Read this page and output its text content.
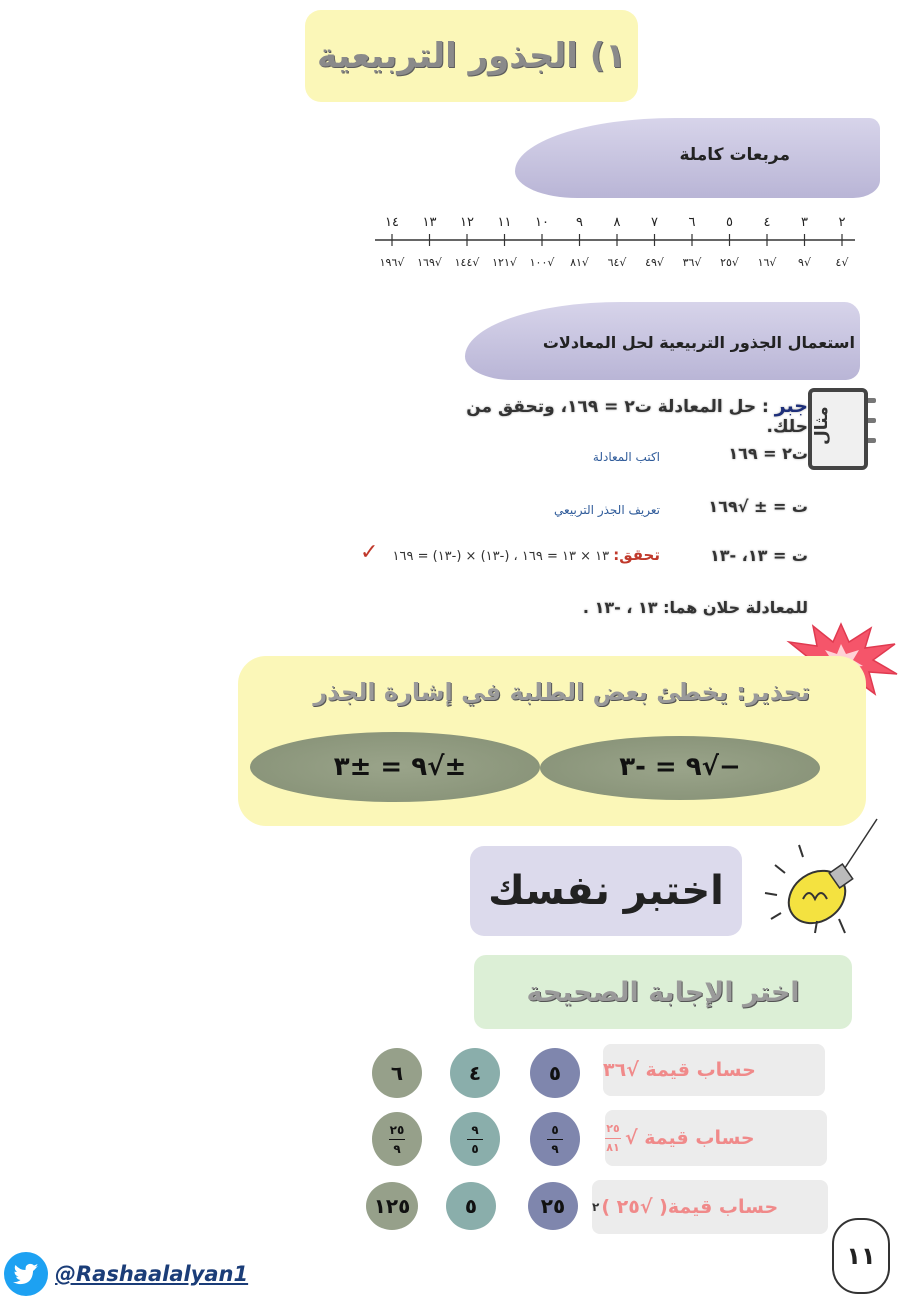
١) الجذور التربيعية
مربعات كاملة
١٤
١٩٦√
١٣
١٦٩√
١٢
١٤٤√
١١
١٢١√
١٠
١٠٠√
٩
٨١√
٨
٦٤√
٧
٤٩√
٦
٣٦√
٥
٢٥√
٤
١٦√
٣
٩√
٢
٤√
استعمال الجذور التربيعية لحل المعادلات
مثال
جبر : حل المعادلة ت٢ = ١٦٩، وتحقق من حلك.
ت٢ = ١٦٩
اكتب المعادلة
ت = ± √١٦٩
تعريف الجذر التربيعي
ت = ١٣، -١٣
تحقق: ١٣ × ١٣ = ١٦٩ ، (-١٣) × (-١٣) = ١٦٩
✓
للمعادلة حلان هما: ١٣ ، -١٣ .
تحذير: يخطئ بعض الطلبة في إشارة الجذر
±√٩ = ±٣	−√٩ = -٣
اختبر نفسك
اختر الإجابة الصحيحة
حساب قيمة √٣٦
٥
٤
٦
حساب قيمة √
$\frac{٢٥}{٨١}$
$\frac{٥}{٩}$
$\frac{٩}{٥}$
$\frac{٢٥}{٩}$
حساب قيمة( √٢٥ )
٢
٢٥
٥
١٢٥
@Rashaalalyan1
١١
